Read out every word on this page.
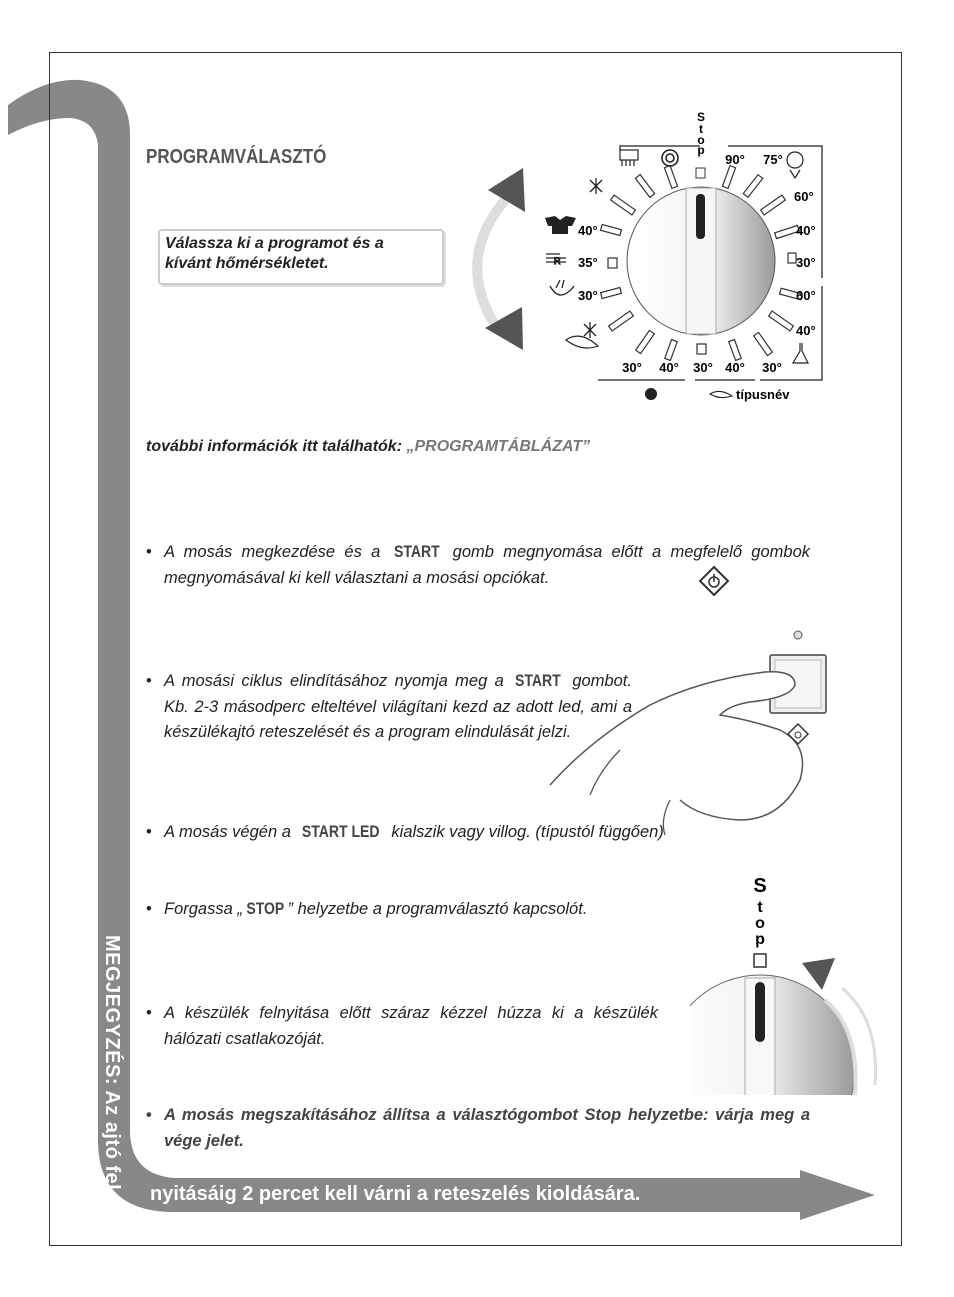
PROGRAMVÁLASZTÓ
Válassza ki a programot és a
kívánt hőmérsékletet.
S
t
o
p
90° 75°
60°
40°
30°
60°
40°
40°
35°
30°
30° 40° 30° 40° 30°
R
típusnév
további információk itt találhatók: „PROGRAMTÁBLÁZAT”
• A mosás megkezdése és a START gomb megnyomása előtt a megfelelő gombok megnyomásával ki kell választani a mosási opciókat.
• A mosási ciklus elindításához nyomja meg a START gombot. Kb. 2-3 másodperc elteltével világítani kezd az adott led, ami a készülékajtó reteszelését és a program elindulását jelzi.
• A mosás végén a START LED kialszik vagy villog. (típustól függően)
• Forgassa „ STOP ” helyzetbe a programválasztó kapcsolót.
S
t
o
p
• A készülék felnyitása előtt száraz kézzel húzza ki a készülék hálózati csatlakozóját.
• A mosás megszakításához állítsa a választógombot Stop helyzetbe: várja meg a vége jelet.
MEGJEGYZÉS: Az ajtó fel
nyitásáig 2 percet kell várni a reteszelés kioldására.
